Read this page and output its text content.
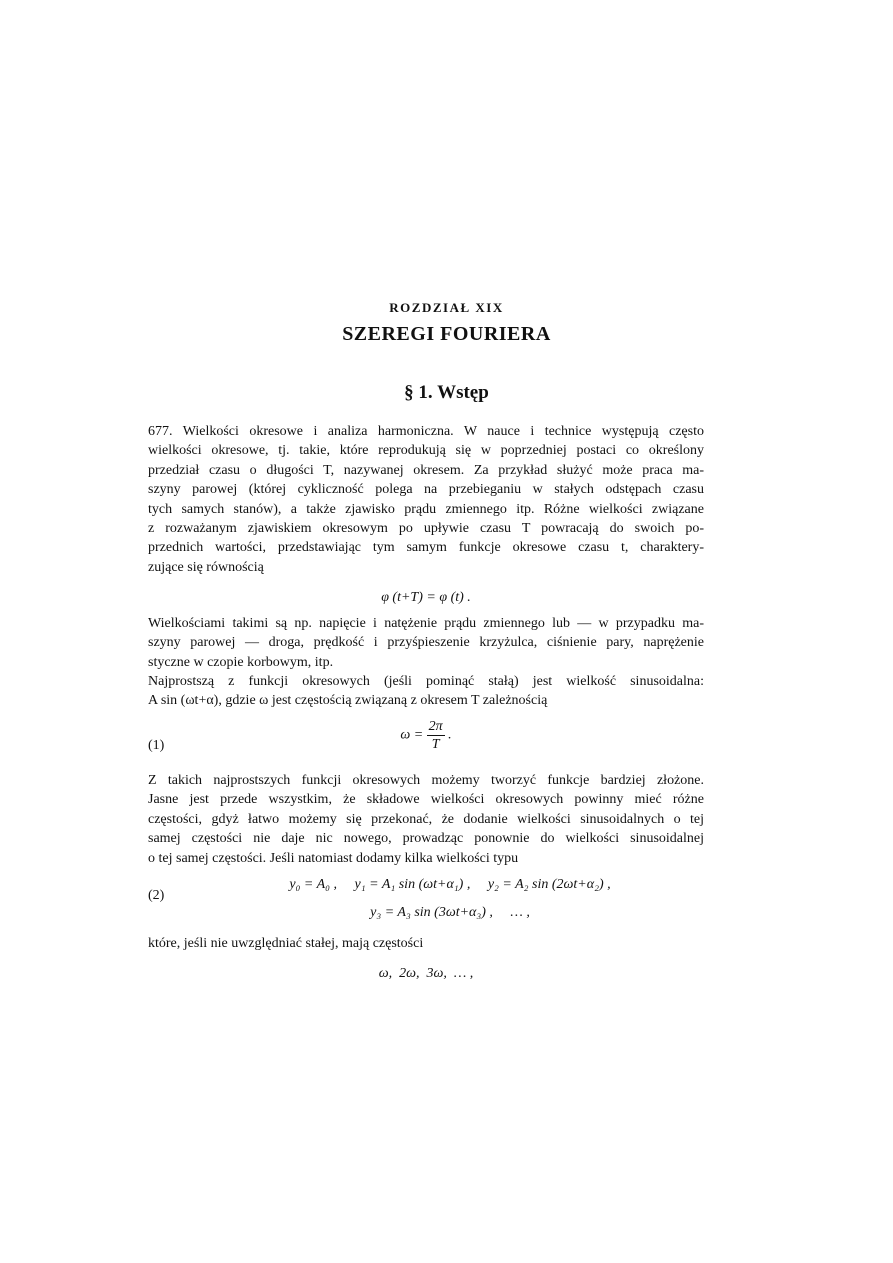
ROZDZIAŁ XIX
SZEREGI FOURIERA
§ 1. Wstęp
677. Wielkości okresowe i analiza harmoniczna. W nauce i technice występują często
wielkości okresowe, tj. takie, które reprodukują się w poprzedniej postaci co określony
przedział czasu o długości T, nazywanej okresem. Za przykład służyć może praca ma-
szyny parowej (której cykliczność polega na przebieganiu w stałych odstępach czasu
tych samych stanów), a także zjawisko prądu zmiennego itp. Różne wielkości związane
z rozważanym zjawiskiem okresowym po upływie czasu T powracają do swoich po-
przednich wartości, przedstawiając tym samym funkcje okresowe czasu t, charaktery-
zujące się równością
φ (t+T) = φ (t) .
Wielkościami takimi są np. napięcie i natężenie prądu zmiennego lub — w przypadku ma-
szyny parowej — droga, prędkość i przyśpieszenie krzyżulca, ciśnienie pary, naprężenie
styczne w czopie korbowym, itp.
Najprostszą z funkcji okresowych (jeśli pominąć stałą) jest wielkość sinusoidalna:
A sin (ωt+α), gdzie ω jest częstością związaną z okresem T zależnością
(1)
$\omega = \frac{2\pi}{T}$ .
Z takich najprostszych funkcji okresowych możemy tworzyć funkcje bardziej złożone.
Jasne jest przede wszystkim, że składowe wielkości okresowych powinny mieć różne
częstości, gdyż łatwo możemy się przekonać, że dodanie wielkości sinusoidalnych o tej
samej częstości nie daje nic nowego, prowadząc ponownie do wielkości sinusoidalnej
o tej samej częstości. Jeśli natomiast dodamy kilka wielkości typu
(2)
y₀ = A₀ ,     y₁ = A₁ sin (ωt+α₁) ,     y₂ = A₂ sin (2ωt+α₂) ,
y₃ = A₃ sin (3ωt+α₃) ,     … ,
które, jeśli nie uwzględniać stałej, mają częstości
ω,  2ω,  3ω,  … ,
